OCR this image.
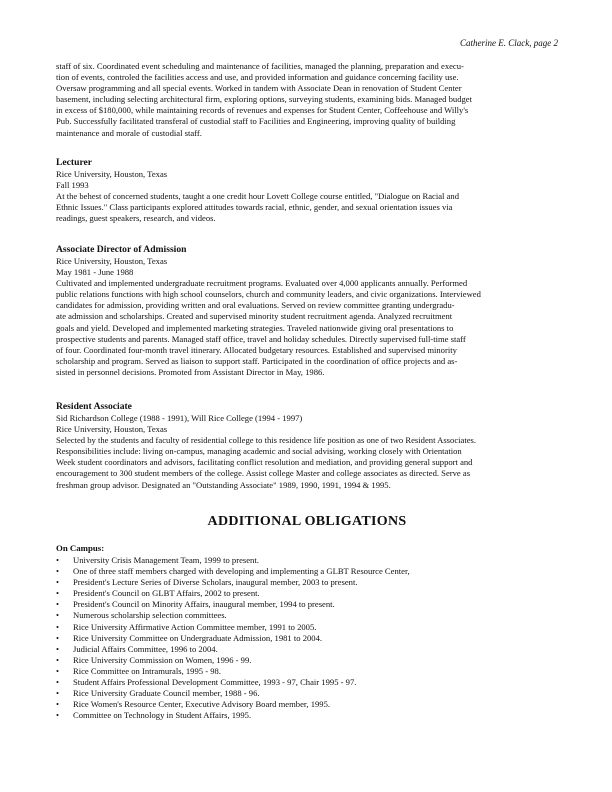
Catherine E. Clack, page 2

staff of six. Coordinated event scheduling and maintenance of facilities, managed the planning, preparation and execu-

tion of events, controled the facilities access and use, and provided information and guidance concerning facility use.

Oversaw programming and all special events. Worked in tandem with Associate Dean in renovation of Student Center

basement, including selecting architectural firm, exploring options, surveying students, examining bids. Managed budget

in excess of $180,000, while maintaining records of revenues and expenses for Student Center, Coffeehouse and Willy's

Pub. Successfully facilitated transferal of custodial staff to Facilities and Engineering, improving quality of building

maintenance and morale of custodial staff.

Lecturer

Rice University, Houston, Texas

Fall 1993

At the behest of concerned students, taught a one credit hour Lovett College course entitled, "Dialogue on Racial and

Ethnic Issues." Class participants explored attitudes towards racial, ethnic, gender, and sexual orientation issues via

readings, guest speakers, research, and videos.

Associate Director of Admission

Rice University, Houston, Texas

May 1981 - June 1988

Cultivated and implemented undergraduate recruitment programs. Evaluated over 4,000 applicants annually. Performed

public relations functions with high school counselors, church and community leaders, and civic organizations. Interviewed

candidates for admission, providing written and oral evaluations. Served on review committee granting undergradu-

ate admission and scholarships. Created and supervised minority student recruitment agenda. Analyzed recruitment

goals and yield. Developed and implemented marketing strategies. Traveled nationwide giving oral presentations to

prospective students and parents. Managed staff office, travel and holiday schedules. Directly supervised full-time staff

of four. Coordinated four-month travel itinerary. Allocated budgetary resources. Established and supervised minority

scholarship and program. Served as liaison to support staff. Participated in the coordination of office projects and as-

sisted in personnel decisions. Promoted from Assistant Director in May, 1986.

Resident Associate

Sid Richardson College (1988 - 1991), Will Rice College (1994 - 1997)

Rice University, Houston, Texas

Selected by the students and faculty of residential college to this residence life position as one of two Resident Associates.

Responsibilities include: living on-campus, managing academic and social advising, working closely with Orientation

Week student coordinators and advisors, facilitating conflict resolution and mediation, and providing general support and

encouragement to 300 student members of the college. Assist college Master and college associates as directed. Serve as

freshman group advisor. Designated an "Outstanding Associate" 1989, 1990, 1991, 1994 & 1995.

ADDITIONAL OBLIGATIONS

On Campus:

• University Crisis Management Team, 1999 to present.
• One of three staff members charged with developing and implementing a GLBT Resource Center,
• President's Lecture Series of Diverse Scholars, inaugural member, 2003 to present.
• President's Council on GLBT Affairs, 2002 to present.
• President's Council on Minority Affairs, inaugural member, 1994 to present.
• Numerous scholarship selection committees.
• Rice University Affirmative Action Committee member, 1991 to 2005.
• Rice University Committee on Undergraduate Admission, 1981 to 2004.
• Judicial Affairs Committee, 1996 to 2004.
• Rice University Commission on Women, 1996 - 99.
• Rice Committee on Intramurals, 1995 - 98.
• Student Affairs Professional Development Committee, 1993 - 97, Chair 1995 - 97.
• Rice University Graduate Council member, 1988 - 96.
• Rice Women's Resource Center, Executive Advisory Board member, 1995.
• Committee on Technology in Student Affairs, 1995.
